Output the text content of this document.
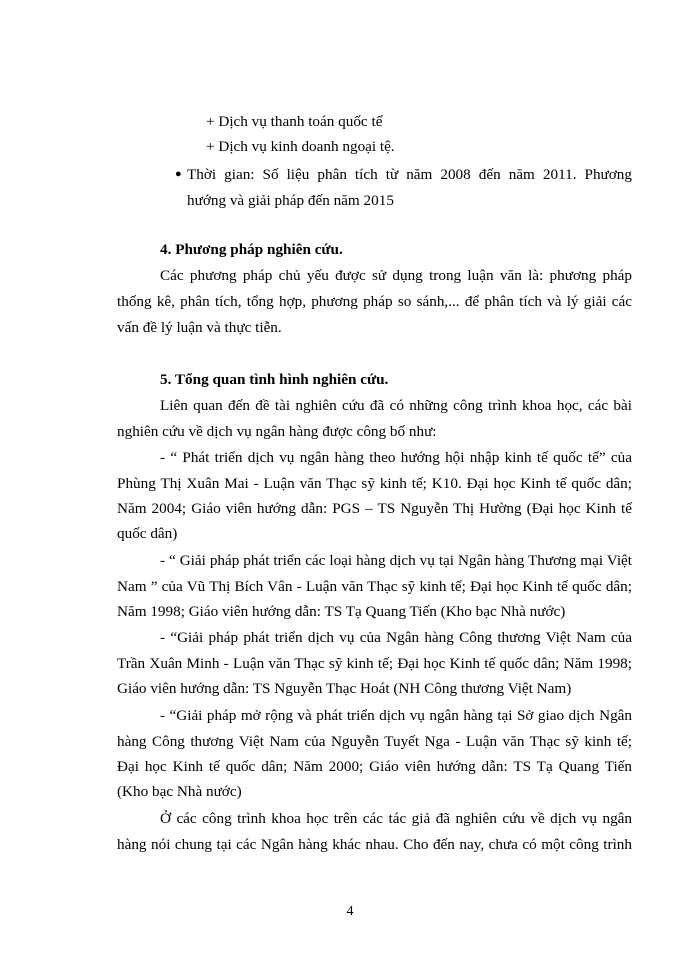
+ Dịch vụ thanh toán quốc tế
+ Dịch vụ kinh doanh ngoại tệ.
● Thời gian: Số liệu phân tích từ năm 2008 đến năm 2011. Phương
hướng và giải pháp đến năm 2015
4. Phương pháp nghiên cứu.
Các phương pháp chủ yếu được sử dụng trong luận văn là: phương pháp
thống kê, phân tích, tổng hợp, phương pháp so sánh,... để phân tích và lý giải các
vấn đề lý luận và thực tiễn.
5. Tổng quan tình hình nghiên cứu.
Liên quan đến đề tài nghiên cứu đã có những công trình khoa học, các bài
nghiên cứu về dịch vụ ngân hàng được công bố như:
- “ Phát triển dịch vụ ngân hàng theo hướng hội nhập kinh tế quốc tế” của
Phùng Thị Xuân Mai - Luận văn Thạc sỹ kinh tế; K10. Đại học Kinh tế quốc dân;
Năm 2004; Giáo viên hướng dẫn: PGS – TS Nguyễn Thị Hường (Đại học Kinh tế
quốc dân)
- “ Giải pháp phát triển các loại hàng dịch vụ tại Ngân hàng Thương mại Việt
Nam ” của Vũ Thị Bích Vân - Luận văn Thạc sỹ kinh tế; Đại học Kinh tế quốc dân;
Năm 1998; Giáo viên hướng dẫn: TS Tạ Quang Tiến (Kho bạc Nhà nước)
- “Giải pháp phát triển dịch vụ của Ngân hàng Công thương Việt Nam của
Trần Xuân Minh - Luận văn Thạc sỹ kinh tế; Đại học Kinh tế quốc dân; Năm 1998;
Giáo viên hướng dẫn: TS Nguyễn Thạc Hoát (NH Công thương Việt Nam)
- “Giải pháp mở rộng và phát triển dịch vụ ngân hàng tại Sở giao dịch Ngân
hàng Công thương Việt Nam của Nguyễn Tuyết Nga - Luận văn Thạc sỹ kinh tế;
Đại học Kinh tế quốc dân; Năm 2000; Giáo viên hướng dẫn: TS Tạ Quang Tiến
(Kho bạc Nhà nước)
Ở các công trình khoa học trên các tác giả đã nghiên cứu về dịch vụ ngân
hàng nói chung tại các Ngân hàng khác nhau. Cho đến nay, chưa có một công trình
4
